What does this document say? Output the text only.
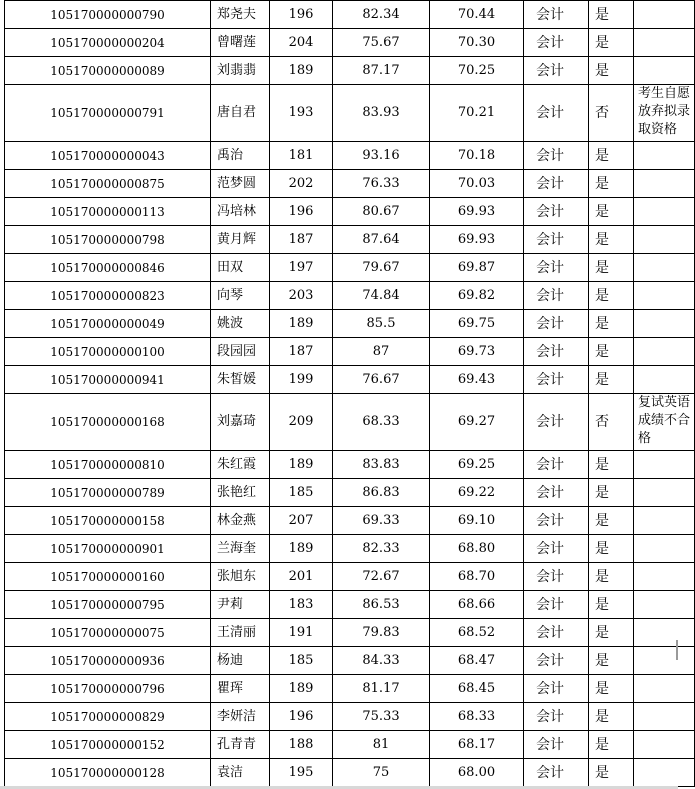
105170000000790	郑尧夫	196	82.34	70.44	会计	是	
105170000000204	曾曙莲	204	75.67	70.30	会计	是	
105170000000089	刘翡翡	189	87.17	70.25	会计	是	
105170000000791	唐自君	193	83.93	70.21	会计	否	考生自愿放弃拟录取资格
105170000000043	禹治	181	93.16	70.18	会计	是	
105170000000875	范梦圆	202	76.33	70.03	会计	是	
105170000000113	冯培林	196	80.67	69.93	会计	是	
105170000000798	黄月辉	187	87.64	69.93	会计	是	
105170000000846	田双	197	79.67	69.87	会计	是	
105170000000823	向琴	203	74.84	69.82	会计	是	
105170000000049	姚波	189	85.5	69.75	会计	是	
105170000000100	段园园	187	87	69.73	会计	是	
105170000000941	朱皙媛	199	76.67	69.43	会计	是	
105170000000168	刘嘉琦	209	68.33	69.27	会计	否	复试英语成绩不合格
105170000000810	朱红霞	189	83.83	69.25	会计	是	
105170000000789	张艳红	185	86.83	69.22	会计	是	
105170000000158	林金燕	207	69.33	69.10	会计	是	
105170000000901	兰海奎	189	82.33	68.80	会计	是	
105170000000160	张旭东	201	72.67	68.70	会计	是	
105170000000795	尹莉	183	86.53	68.66	会计	是	
105170000000075	王清丽	191	79.83	68.52	会计	是	
105170000000936	杨迪	185	84.33	68.47	会计	是	
105170000000796	瞿珲	189	81.17	68.45	会计	是	
105170000000829	李妍洁	196	75.33	68.33	会计	是	
105170000000152	孔青青	188	81	68.17	会计	是	
105170000000128	袁洁	195	75	68.00	会计	是	
